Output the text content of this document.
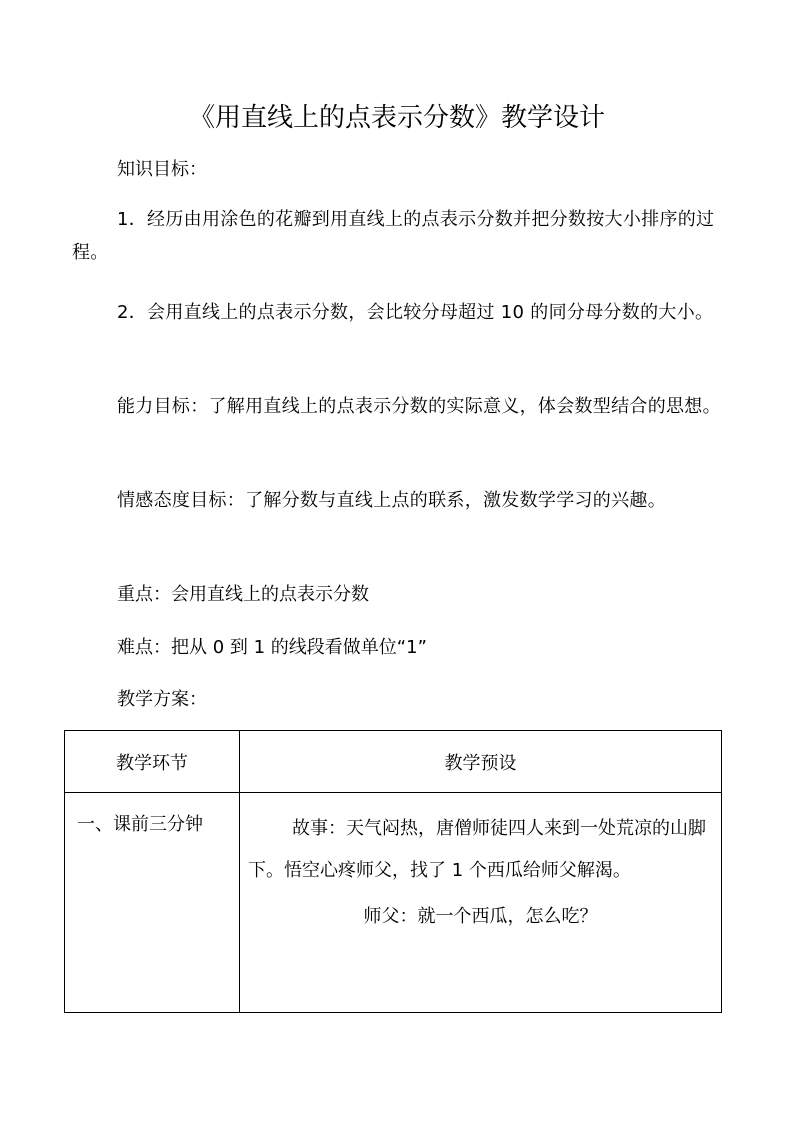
《用直线上的点表示分数》教学设计
知识目标：
1．经历由用涂色的花瓣到用直线上的点表示分数并把分数按大小排序的过程。
2．会用直线上的点表示分数，会比较分母超过 10 的同分母分数的大小。
能力目标：了解用直线上的点表示分数的实际意义，体会数型结合的思想。
情感态度目标：了解分数与直线上点的联系，激发数学学习的兴趣。
重点：会用直线上的点表示分数
难点：把从 0 到 1 的线段看做单位“1”
教学方案：
教学环节	教学预设

一、课前三分钟	故事：天气闷热，唐僧师徒四人来到一处荒凉的山脚下。悟空心疼师父，找了 1 个西瓜给师父解渴。
师父：就一个西瓜，怎么吃？
